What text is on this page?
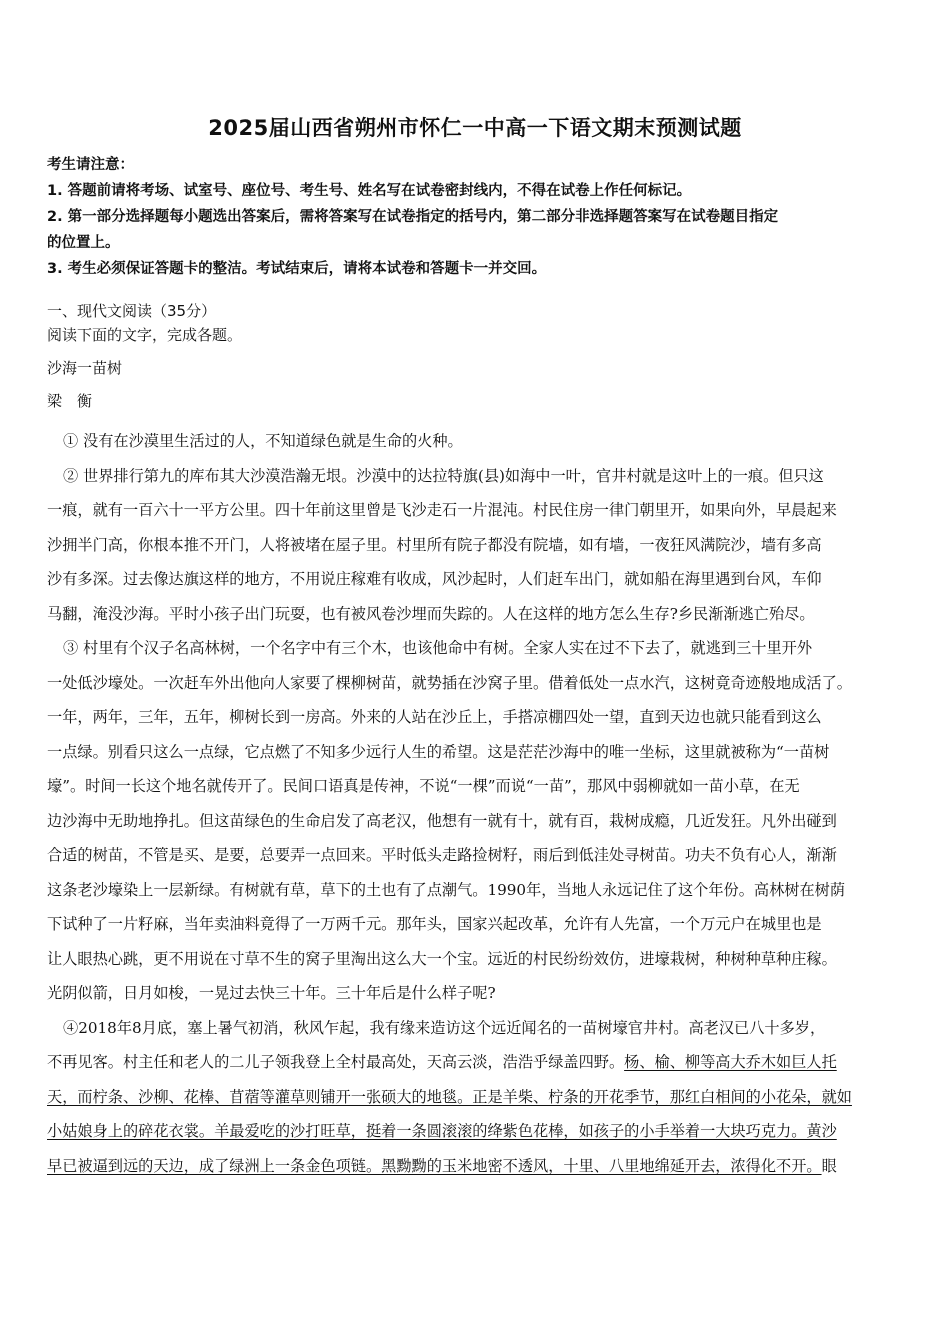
2025届山西省朔州市怀仁一中高一下语文期末预测试题
考生请注意：
1. 答题前请将考场、试室号、座位号、考生号、姓名写在试卷密封线内，不得在试卷上作任何标记。
2. 第一部分选择题每小题选出答案后，需将答案写在试卷指定的括号内，第二部分非选择题答案写在试卷题目指定
的位置上。
3. 考生必须保证答题卡的整洁。考试结束后，请将本试卷和答题卡一并交回。
一、现代文阅读（35分）
阅读下面的文字，完成各题。
沙海一苗树
梁　衡
① 没有在沙漠里生活过的人，不知道绿色就是生命的火种。
② 世界排行第九的库布其大沙漠浩瀚无垠。沙漠中的达拉特旗(县)如海中一叶，官井村就是这叶上的一痕。但只这
一痕，就有一百六十一平方公里。四十年前这里曾是飞沙走石一片混沌。村民住房一律门朝里开，如果向外，早晨起来
沙拥半门高，你根本推不开门，人将被堵在屋子里。村里所有院子都没有院墙，如有墙，一夜狂风满院沙，墙有多高
沙有多深。过去像达旗这样的地方，不用说庄稼难有收成，风沙起时，人们赶车出门，就如船在海里遇到台风，车仰
马翻，淹没沙海。平时小孩子出门玩耍，也有被风卷沙埋而失踪的。人在这样的地方怎么生存?乡民渐渐逃亡殆尽。
③ 村里有个汉子名高林树，一个名字中有三个木，也该他命中有树。全家人实在过不下去了，就逃到三十里开外
一处低沙壕处。一次赶车外出他向人家要了棵柳树苗，就势插在沙窝子里。借着低处一点水汽，这树竟奇迹般地成活了。
一年，两年，三年，五年，柳树长到一房高。外来的人站在沙丘上，手搭凉棚四处一望，直到天边也就只能看到这么
一点绿。别看只这么一点绿，它点燃了不知多少远行人生的希望。这是茫茫沙海中的唯一坐标，这里就被称为“一苗树
壕”。时间一长这个地名就传开了。民间口语真是传神，不说“一棵”而说“一苗”，那风中弱柳就如一苗小草，在无
边沙海中无助地挣扎。但这苗绿色的生命启发了高老汉，他想有一就有十，就有百，栽树成瘾，几近发狂。凡外出碰到
合适的树苗，不管是买、是要，总要弄一点回来。平时低头走路捡树籽，雨后到低洼处寻树苗。功夫不负有心人，渐渐
这条老沙壕染上一层新绿。有树就有草，草下的土也有了点潮气。1990年，当地人永远记住了这个年份。高林树在树荫
下试种了一片籽麻，当年卖油料竟得了一万两千元。那年头，国家兴起改革，允许有人先富，一个万元户在城里也是
让人眼热心跳，更不用说在寸草不生的窝子里淘出这么大一个宝。远近的村民纷纷效仿，进壕栽树，种树种草种庄稼。
光阴似箭，日月如梭，一晃过去快三十年。三十年后是什么样子呢?
④2018年8月底，塞上暑气初消，秋风乍起，我有缘来造访这个远近闻名的一苗树壕官井村。高老汉已八十多岁，
不再见客。村主任和老人的二儿子领我登上全村最高处，天高云淡，浩浩乎绿盖四野。杨、榆、柳等高大乔木如巨人托
天，而柠条、沙柳、花棒、苜蓿等灌草则铺开一张硕大的地毯。正是羊柴、柠条的开花季节，那红白相间的小花朵，就如
小姑娘身上的碎花衣裳。羊最爱吃的沙打旺草，挺着一条圆滚滚的绛紫色花棒，如孩子的小手举着一大块巧克力。黄沙
早已被逼到远的天边，成了绿洲上一条金色项链。黑黝黝的玉米地密不透风，十里、八里地绵延开去，浓得化不开。眼
